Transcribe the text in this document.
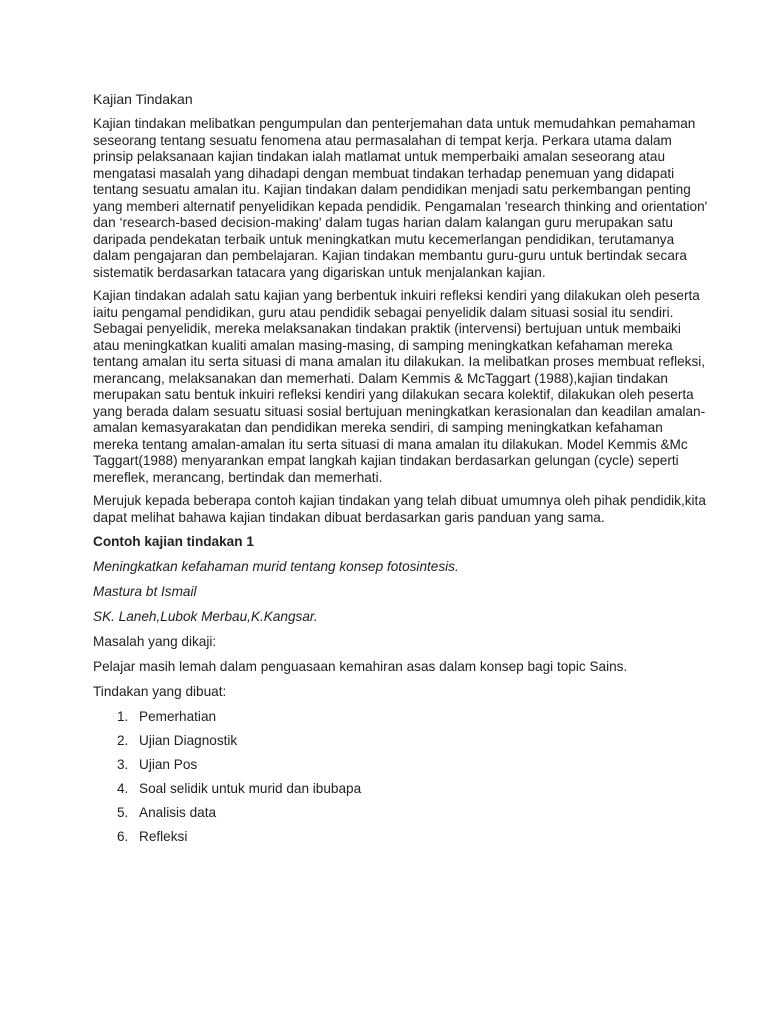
Kajian Tindakan

Kajian tindakan melibatkan pengumpulan dan penterjemahan data untuk memudahkan pemahaman seseorang tentang sesuatu fenomena atau permasalahan di tempat kerja. Perkara utama dalam prinsip pelaksanaan kajian tindakan ialah matlamat untuk memperbaiki amalan seseorang atau mengatasi masalah yang dihadapi dengan membuat tindakan terhadap penemuan yang didapati tentang sesuatu amalan itu. Kajian tindakan dalam pendidikan menjadi satu perkembangan penting yang memberi alternatif penyelidikan kepada pendidik. Pengamalan 'research thinking and orientation' dan ‘research-based decision-making' dalam tugas harian dalam kalangan guru merupakan satu daripada pendekatan terbaik untuk meningkatkan mutu kecemerlangan pendidikan, terutamanya dalam pengajaran dan pembelajaran. Kajian tindakan membantu guru-guru untuk bertindak secara sistematik berdasarkan tatacara yang digariskan untuk menjalankan kajian.

Kajian tindakan adalah satu kajian yang berbentuk inkuiri refleksi kendiri yang dilakukan oleh peserta iaitu pengamal pendidikan, guru atau pendidik sebagai penyelidik dalam situasi sosial itu sendiri. Sebagai penyelidik, mereka melaksanakan tindakan praktik (intervensi) bertujuan untuk membaiki atau meningkatkan kualiti amalan masing-masing, di samping meningkatkan kefahaman mereka tentang amalan itu serta situasi di mana amalan itu dilakukan. Ia melibatkan proses membuat refleksi, merancang, melaksanakan dan memerhati. Dalam Kemmis & McTaggart (1988),kajian tindakan merupakan satu bentuk inkuiri refleksi kendiri yang dilakukan secara kolektif, dilakukan oleh peserta yang berada dalam sesuatu situasi sosial bertujuan meningkatkan kerasionalan dan keadilan amalan-amalan kemasyarakatan dan pendidikan mereka sendiri, di samping meningkatkan kefahaman mereka tentang amalan-amalan itu serta situasi di mana amalan itu dilakukan. Model Kemmis &Mc Taggart(1988) menyarankan empat langkah kajian tindakan berdasarkan gelungan (cycle) seperti mereflek, merancang, bertindak dan memerhati.

Merujuk kepada beberapa contoh kajian tindakan yang telah dibuat umumnya oleh pihak pendidik,kita dapat melihat bahawa kajian tindakan dibuat berdasarkan garis panduan yang sama.

Contoh kajian tindakan 1
Meningkatkan kefahaman murid tentang konsep fotosintesis.
Mastura bt Ismail
SK. Laneh,Lubok Merbau,K.Kangsar.
Masalah yang dikaji:
Pelajar masih lemah dalam penguasaan kemahiran asas dalam konsep bagi topic Sains.
Tindakan yang dibuat:
1. Pemerhatian
2. Ujian Diagnostik
3. Ujian Pos
4. Soal selidik untuk murid dan ibubapa
5. Analisis data
6. Refleksi
